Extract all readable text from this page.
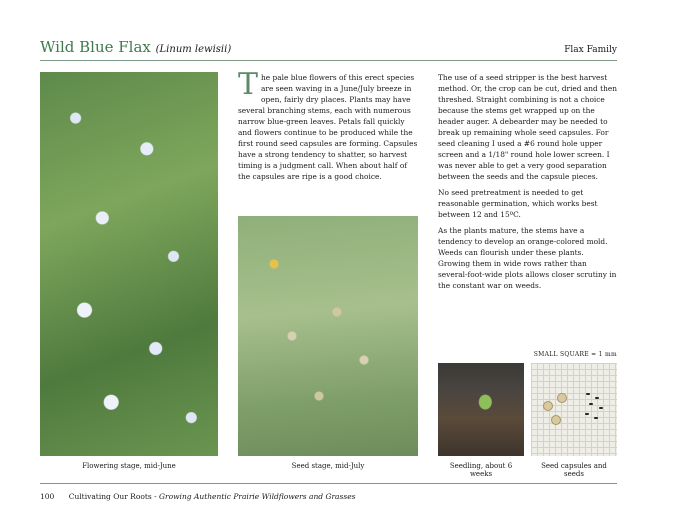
Wild Blue Flax (Linum lewisii)	Flax Family

The pale blue flowers of this erect species are seen waving in a June/July breeze in open, fairly dry places. Plants may have several branching stems, each with numerous narrow blue-green leaves. Petals fall quickly and flowers continue to be produced while the first round seed capsules are forming. Capsules have a strong tendency to shatter, so harvest timing is a judgment call. When about half of the capsules are ripe is a good choice.

The use of a seed stripper is the best harvest method. Or, the crop can be cut, dried and then threshed. Straight combining is not a choice because the stems get wrapped up on the header auger. A debearder may be needed to break up remaining whole seed capsules. For seed cleaning I used a #6 round hole upper screen and a 1/18" round hole lower screen. I was never able to get a very good separation between the seeds and the capsule pieces.

No seed pretreatment is needed to get reasonable germination, which works best between 12 and 15ºC.

As the plants mature, the stems have a tendency to develop an orange-colored mold. Weeds can flourish under these plants. Growing them in wide rows rather than several-foot-wide plots allows closer scrutiny in the constant war on weeds.

SMALL SQUARE = 1 mm
Flowering stage, mid-June	Seed stage, mid-July	Seedling, about 6 weeks
Seed capsules and seeds
100 Cultivating Our Roots - Growing Authentic Prairie Wildflowers and Grasses
